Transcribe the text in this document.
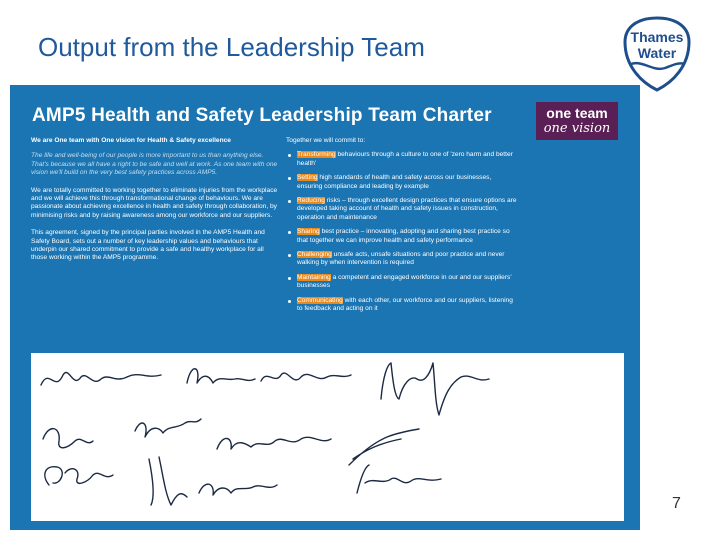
Output from the Leadership Team	Thames
Water
AMP5 Health and Safety Leadership Team Charter	one team
one vision

We are One team with One vision for Health & Safety excellence

The life and well-being of our people is more important to us than anything else. That's because we all have a right to be safe and well at work. As one team with one vision we'll build on the very best safety practices across AMP5.

We are totally committed to working together to eliminate injuries from the workplace and we will achieve this through transformational change of behaviours. We are passionate about achieving excellence in health and safety through collaboration, by minimising risks and by raising awareness among our workforce and our suppliers.

This agreement, signed by the principal parties involved in the AMP5 Health and Safety Board, sets out a number of key leadership values and behaviours that underpin our shared commitment to provide a safe and healthy workplace for all those working within the AMP5 programme.

Together we will commit to:

Transforming behaviours through a culture to one of 'zero harm and better health'
Setting high standards of health and safety across our businesses, ensuring compliance and leading by example
Reducing risks – through excellent design practices that ensure options are developed taking account of health and safety issues in construction, operation and maintenance
Sharing best practice – innovating, adopting and sharing best practice so that together we can improve health and safety performance
Challenging unsafe acts, unsafe situations and poor practice and never walking by when intervention is required
Maintaining a competent and engaged workforce in our and our suppliers' businesses
Communicating with each other, our workforce and our suppliers, listening to feedback and acting on it
7
